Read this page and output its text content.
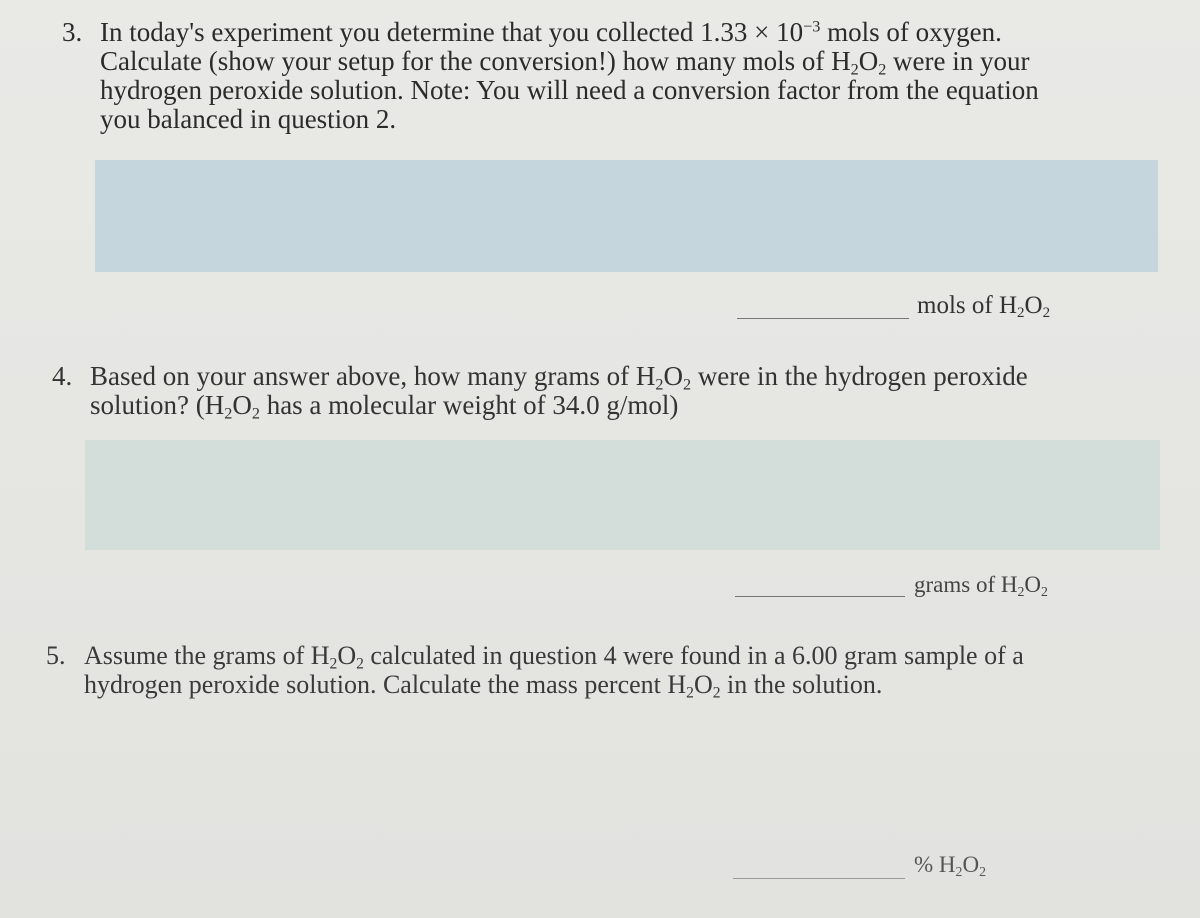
3. In today's experiment you determine that you collected $1.33 \times 10^{-3}$ mols of oxygen.
Calculate (show your setup for the conversion!) how many mols of $H_2O_2$ were in your
hydrogen peroxide solution. Note: You will need a conversion factor from the equation
you balanced in question 2.
mols of $H_2O_2$
4. Based on your answer above, how many grams of $H_2O_2$ were in the hydrogen peroxide
solution? ($H_2O_2$ has a molecular weight of 34.0 g/mol)
grams of $H_2O_2$
5. Assume the grams of $H_2O_2$ calculated in question 4 were found in a 6.00 gram sample of a
hydrogen peroxide solution. Calculate the mass percent $H_2O_2$ in the solution.
% $H_2O_2$
